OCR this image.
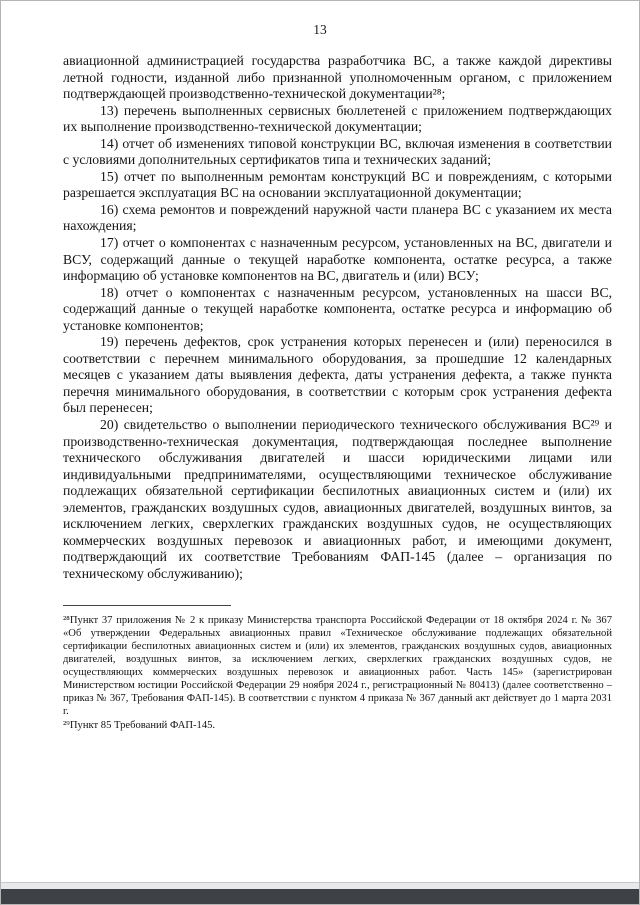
13

авиационной администрацией государства разработчика ВС, а также каждой директивы летной годности, изданной либо признанной уполномоченным органом, с приложением подтверждающей производственно-технической документации²⁸;

13) перечень выполненных сервисных бюллетеней с приложением подтверждающих их выполнение производственно-технической документации;

14) отчет об изменениях типовой конструкции ВС, включая изменения в соответствии с условиями дополнительных сертификатов типа и технических заданий;

15) отчет по выполненным ремонтам конструкций ВС и повреждениям, с которыми разрешается эксплуатация ВС на основании эксплуатационной документации;

16) схема ремонтов и повреждений наружной части планера ВС с указанием их места нахождения;

17) отчет о компонентах с назначенным ресурсом, установленных на ВС, двигатели и ВСУ, содержащий данные о текущей наработке компонента, остатке ресурса, а также информацию об установке компонентов на ВС, двигатель и (или) ВСУ;

18) отчет о компонентах с назначенным ресурсом, установленных на шасси ВС, содержащий данные о текущей наработке компонента, остатке ресурса и информацию об установке компонентов;

19) перечень дефектов, срок устранения которых перенесен и (или) переносился в соответствии с перечнем минимального оборудования, за прошедшие 12 календарных месяцев с указанием даты выявления дефекта, даты устранения дефекта, а также пункта перечня минимального оборудования, в соответствии с которым срок устранения дефекта был перенесен;

20) свидетельство о выполнении периодического технического обслуживания ВС²⁹ и производственно-техническая документация, подтверждающая последнее выполнение технического обслуживания двигателей и шасси юридическими лицами или индивидуальными предпринимателями, осуществляющими техническое обслуживание подлежащих обязательной сертификации беспилотных авиационных систем и (или) их элементов, гражданских воздушных судов, авиационных двигателей, воздушных винтов, за исключением легких, сверхлегких гражданских воздушных судов, не осуществляющих коммерческих воздушных перевозок и авиационных работ, и имеющими документ, подтверждающий их соответствие Требованиям ФАП-145 (далее – организация по техническому обслуживанию);

²⁸Пункт 37 приложения № 2 к приказу Министерства транспорта Российской Федерации от 18 октября 2024 г. № 367 «Об утверждении Федеральных авиационных правил «Техническое обслуживание подлежащих обязательной сертификации беспилотных авиационных систем и (или) их элементов, гражданских воздушных судов, авиационных двигателей, воздушных винтов, за исключением легких, сверхлегких гражданских воздушных судов, не осуществляющих коммерческих воздушных перевозок и авиационных работ. Часть 145» (зарегистрирован Министерством юстиции Российской Федерации 29 ноября 2024 г., регистрационный № 80413) (далее соответственно – приказ № 367, Требования ФАП-145). В соответствии с пунктом 4 приказа № 367 данный акт действует до 1 марта 2031 г.

²⁹Пункт 85 Требований ФАП-145.
